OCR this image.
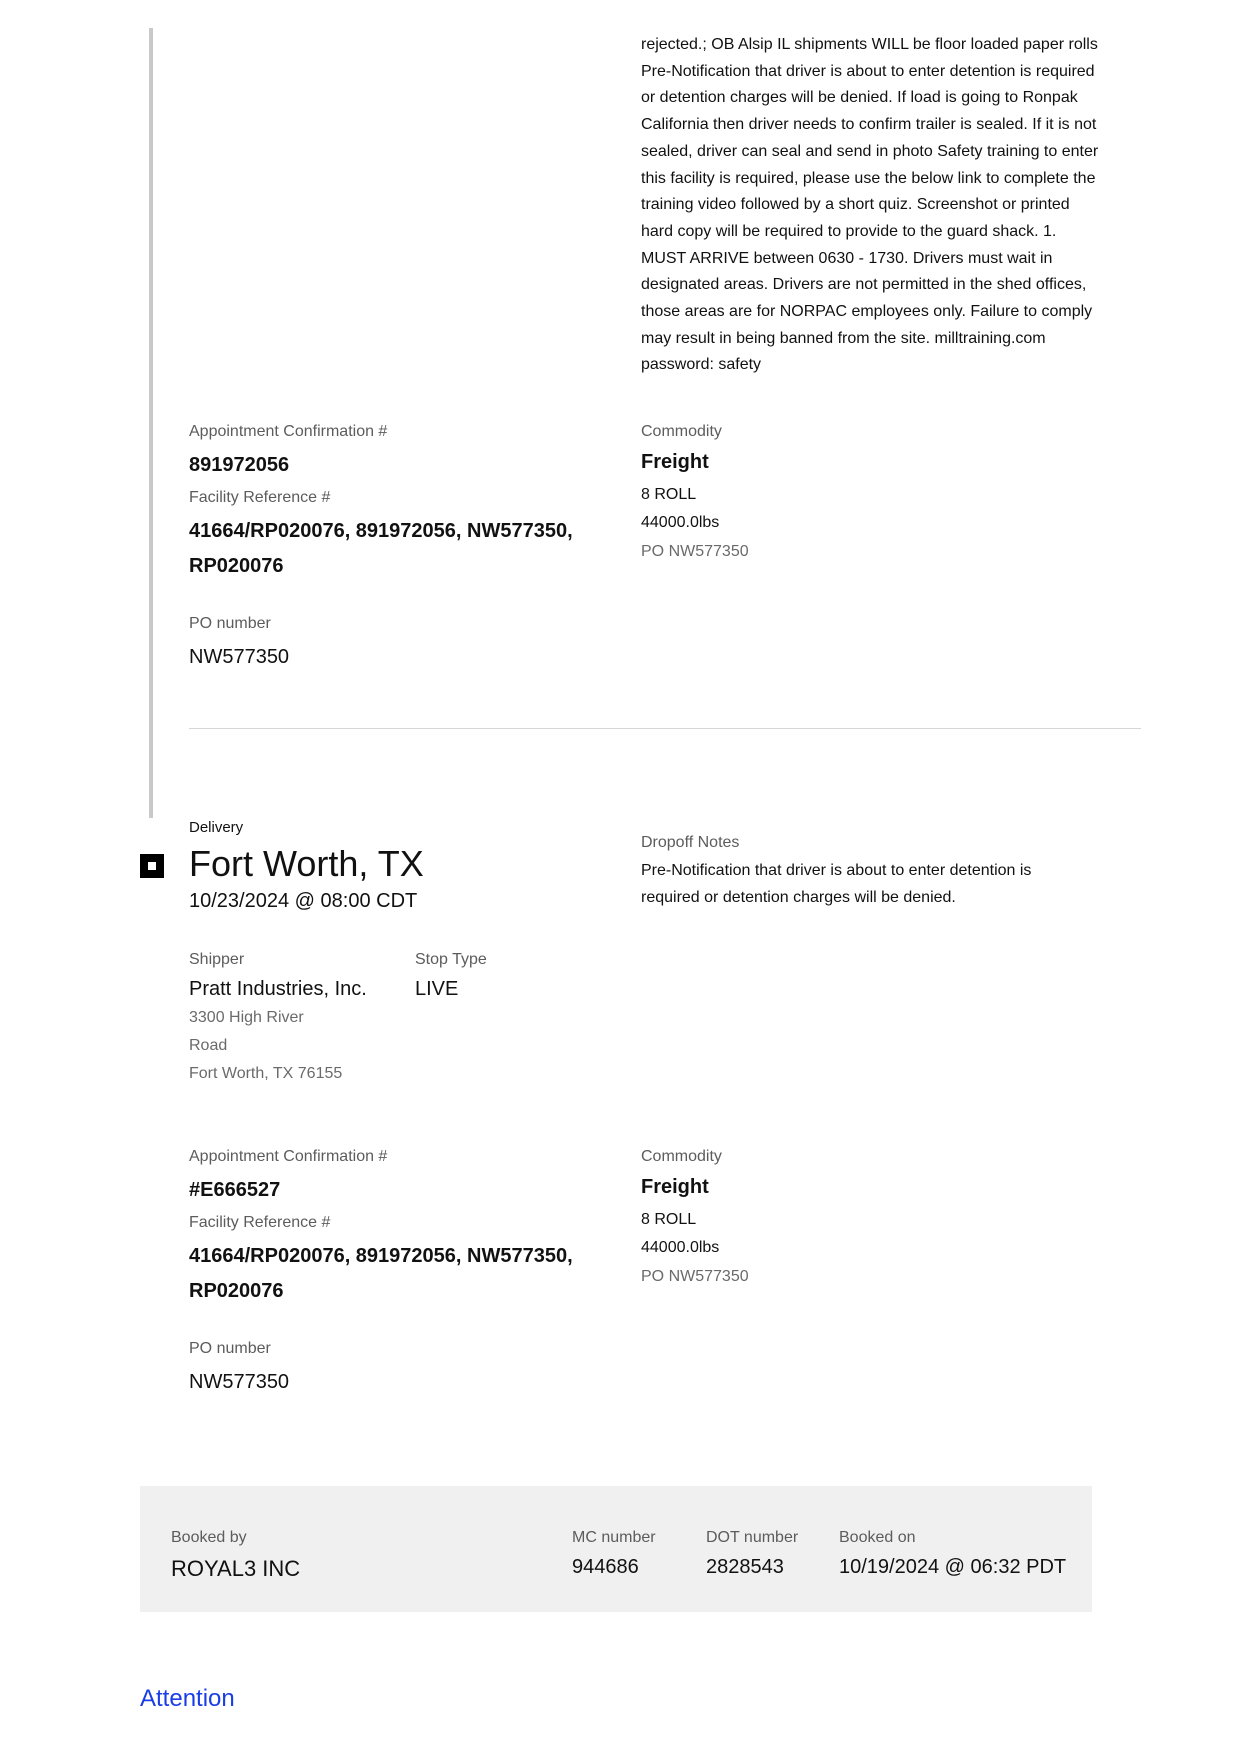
rejected.; OB Alsip IL shipments WILL be floor loaded paper rolls Pre-Notification that driver is about to enter detention is required or detention charges will be denied. If load is going to Ronpak California then driver needs to confirm trailer is sealed. If it is not sealed, driver can seal and send in photo Safety training to enter this facility is required, please use the below link to complete the training video followed by a short quiz. Screenshot or printed hard copy will be required to provide to the guard shack. 1. MUST ARRIVE between 0630 - 1730. Drivers must wait in designated areas. Drivers are not permitted in the shed offices, those areas are for NORPAC employees only. Failure to comply may result in being banned from the site. milltraining.com password: safety
Appointment Confirmation #
891972056
Facility Reference #
41664/RP020076, 891972056, NW577350,
RP020076
PO number
NW577350
Commodity
Freight
8 ROLL
44000.0lbs
PO NW577350
Delivery
Fort Worth, TX
10/23/2024 @ 08:00 CDT
Dropoff Notes
Pre-Notification that driver is about to enter detention is
required or detention charges will be denied.
Shipper
Pratt Industries, Inc.
3300 High River
Road
Fort Worth, TX 76155
Stop Type
LIVE
Appointment Confirmation #
#E666527
Facility Reference #
41664/RP020076, 891972056, NW577350,
RP020076
PO number
NW577350
Commodity
Freight
8 ROLL
44000.0lbs
PO NW577350
Booked by
ROYAL3 INC
MC number
944686
DOT number
2828543
Booked on
10/19/2024 @ 06:32 PDT
Attention
